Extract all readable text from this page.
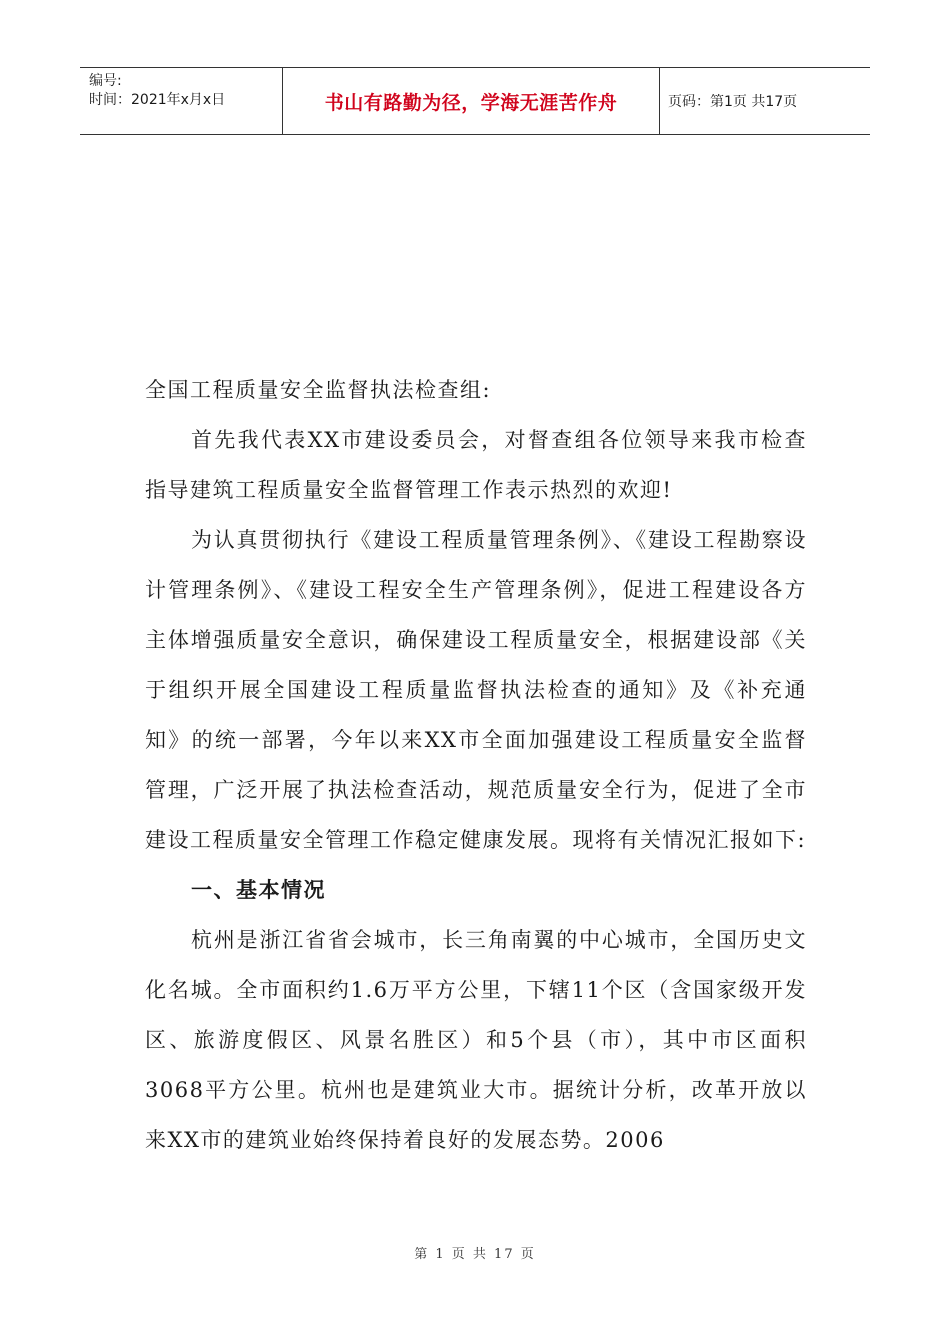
编号:
时间：2021年x月x日	书山有路勤为径，学海无涯苦作舟	页码：第1页 共17页

全国工程质量安全监督执法检查组:

首先我代表XX市建设委员会，对督查组各位领导来我市检查指导建筑工程质量安全监督管理工作表示热烈的欢迎!

为认真贯彻执行《建设工程质量管理条例》、《建设工程勘察设计管理条例》、《建设工程安全生产管理条例》，促进工程建设各方主体增强质量安全意识，确保建设工程质量安全，根据建设部《关于组织开展全国建设工程质量监督执法检查的通知》及《补充通知》的统一部署，今年以来XX市全面加强建设工程质量安全监督管理，广泛开展了执法检查活动，规范质量安全行为，促进了全市建设工程质量安全管理工作稳定健康发展。现将有关情况汇报如下:

一、基本情况

杭州是浙江省省会城市，长三角南翼的中心城市，全国历史文化名城。全市面积约1.6万平方公里，下辖11个区（含国家级开发区、旅游度假区、风景名胜区）和5个县（市），其中市区面积3068平方公里。杭州也是建筑业大市。据统计分析，改革开放以来XX市的建筑业始终保持着良好的发展态势。2006

第 1 页 共 17 页
